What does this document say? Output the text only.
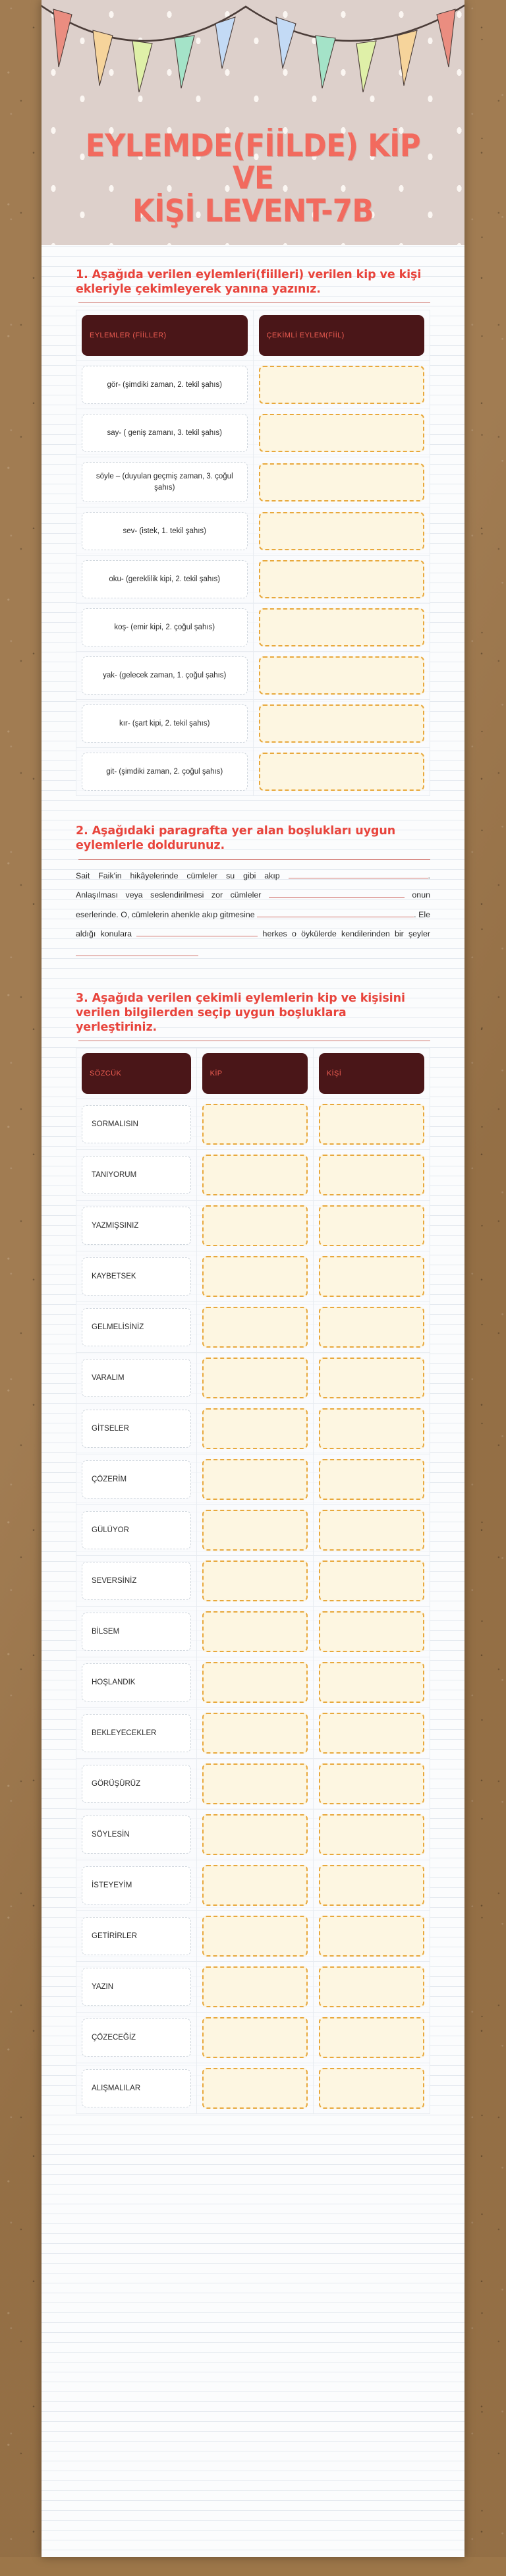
EYLEMDE(FİİLDE) KİP VE
KİŞİ LEVENT-7B
1. Aşağıda verilen eylemleri(fiilleri) verilen kip ve kişi ekleriyle çekimleyerek yanına yazınız.
EYLEMLER (FİİLLER)	ÇEKİMLİ EYLEM(FİİL)

gör- (şimdiki zaman, 2. tekil şahıs)	

say- ( geniş zamanı, 3. tekil şahıs)	

söyle – (duyulan geçmiş zaman, 3. çoğul şahıs)	

sev- (istek, 1. tekil şahıs)	

oku- (gereklilik kipi, 2. tekil şahıs)	

koş- (emir kipi, 2. çoğul şahıs)	

yak- (gelecek zaman, 1. çoğul şahıs)	

kır- (şart kipi, 2. tekil şahıs)	

git- (şimdiki zaman, 2. çoğul şahıs)	

2. Aşağıdaki paragrafta yer alan boşlukları uygun eylemlerle doldurunuz.
Sait Faik'in hikâyelerinde cümleler su gibi akıp	. Anlaşılması veya seslendirilmesi zor cümleler	onun eserlerinde. O, cümlelerin ahenkle akıp gitmesine	. Ele aldığı konulara	herkes o öykülerde kendilerinden bir şeyler
3. Aşağıda verilen çekimli eylemlerin kip ve kişisini verilen bilgilerden seçip uygun boşluklara yerleştiriniz.
SÖZCÜK	KİP	KİŞİ

SORMALISIN		

TANIYORUM		

YAZMIŞSINIZ		

KAYBETSEK		

GELMELİSİNİZ		

VARALIM		

GİTSELER		

ÇÖZERİM		

GÜLÜYOR		

SEVERSİNİZ		

BİLSEM		

HOŞLANDIK		

BEKLEYECEKLER		

GÖRÜŞÜRÜZ		

SÖYLESİN		

İSTEYEYİM		

GETİRİRLER		

YAZIN		

ÇÖZECEĞİZ		

ALIŞMALILAR		
